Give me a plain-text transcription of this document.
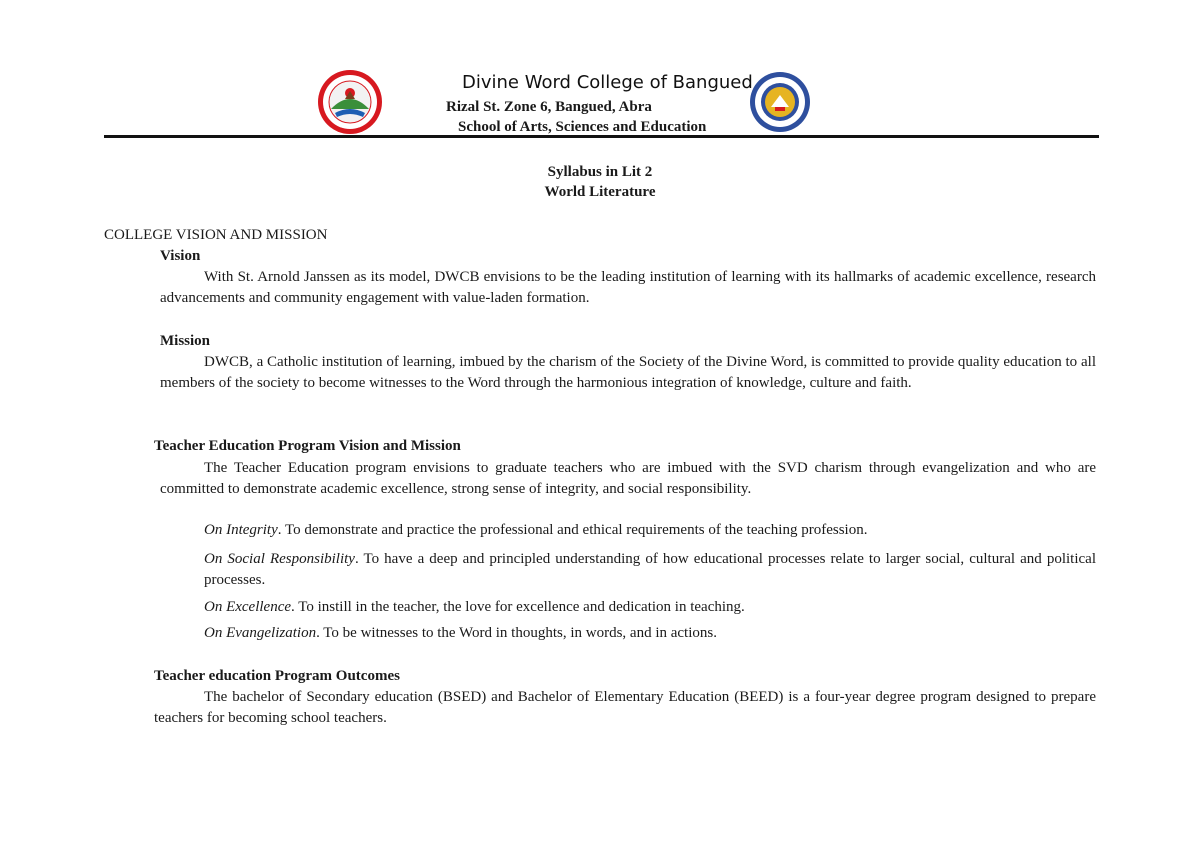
Divine Word College of Bangued
Rizal St. Zone 6, Bangued, Abra
School of Arts, Sciences and Education
Syllabus in Lit 2
World Literature
COLLEGE VISION AND MISSION
Vision
With St. Arnold Janssen as its model, DWCB envisions to be the leading institution of learning with its hallmarks of academic excellence, research advancements and community engagement with value-laden formation.
Mission
DWCB, a Catholic institution of learning, imbued by the charism of the Society of the Divine Word, is committed to provide quality education to all members of the society to become witnesses to the Word through the harmonious integration of knowledge, culture and faith.
Teacher Education Program Vision and Mission
The Teacher Education program envisions to graduate teachers who are imbued with the SVD charism through evangelization and who are committed to demonstrate academic excellence, strong sense of integrity, and social responsibility.
On Integrity. To demonstrate and practice the professional and ethical requirements of the teaching profession.
On Social Responsibility. To have a deep and principled understanding of how educational processes relate to larger social, cultural and political processes.
On Excellence. To instill in the teacher, the love for excellence and dedication in teaching.
On Evangelization. To be witnesses to the Word in thoughts, in words, and in actions.
Teacher education Program Outcomes
The bachelor of Secondary education (BSED) and Bachelor of Elementary Education (BEED) is a four-year degree program designed to prepare teachers for becoming school teachers.
